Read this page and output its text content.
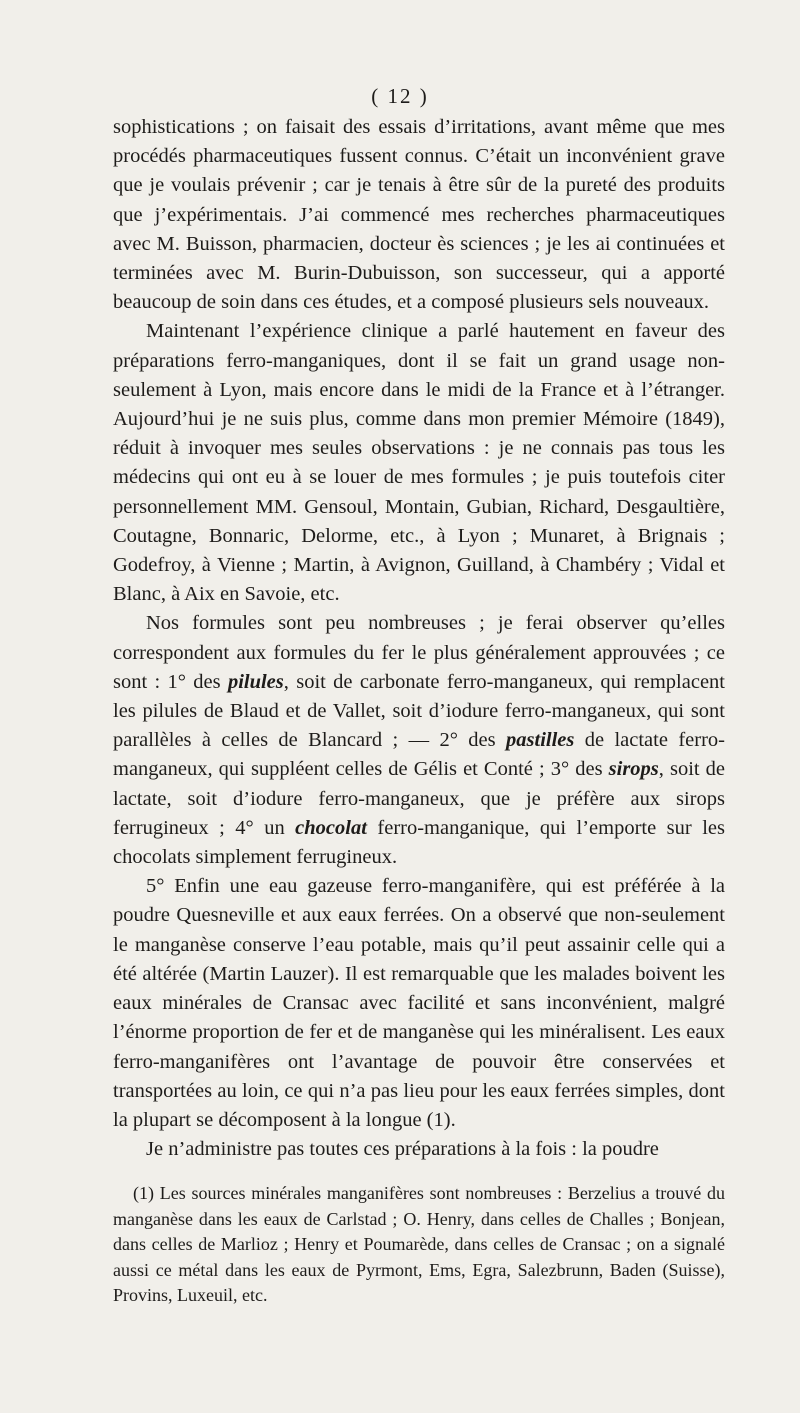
( 12 )

sophistications ; on faisait des essais d’irritations, avant même que mes procédés pharmaceutiques fussent connus. C’était un inconvénient grave que je voulais prévenir ; car je tenais à être sûr de la pureté des produits que j’expérimentais. J’ai commencé mes recherches pharmaceutiques avec M. Buisson, pharmacien, docteur ès sciences ; je les ai continuées et terminées avec M. Burin-Dubuisson, son successeur, qui a apporté beaucoup de soin dans ces études, et a composé plusieurs sels nouveaux.

Maintenant l’expérience clinique a parlé hautement en faveur des préparations ferro-manganiques, dont il se fait un grand usage non-seulement à Lyon, mais encore dans le midi de la France et à l’étranger. Aujourd’hui je ne suis plus, comme dans mon premier Mémoire (1849), réduit à invoquer mes seules observations : je ne connais pas tous les médecins qui ont eu à se louer de mes formules ; je puis toutefois citer personnellement MM. Gensoul, Montain, Gubian, Richard, Desgaultière, Coutagne, Bonnaric, Delorme, etc., à Lyon ; Munaret, à Brignais ; Godefroy, à Vienne ; Martin, à Avignon, Guilland, à Chambéry ; Vidal et Blanc, à Aix en Savoie, etc.

Nos formules sont peu nombreuses ; je ferai observer qu’elles correspondent aux formules du fer le plus généralement approuvées ; ce sont : 1° des pilules, soit de carbonate ferro-manganeux, qui remplacent les pilules de Blaud et de Vallet, soit d’iodure ferro-manganeux, qui sont parallèles à celles de Blancard ; — 2° des pastilles de lactate ferro-manganeux, qui suppléent celles de Gélis et Conté ; 3° des sirops, soit de lactate, soit d’iodure ferro-manganeux, que je préfère aux sirops ferrugineux ; 4° un chocolat ferro-manganique, qui l’emporte sur les chocolats simplement ferrugineux.

5° Enfin une eau gazeuse ferro-manganifère, qui est préférée à la poudre Quesneville et aux eaux ferrées. On a observé que non-seulement le manganèse conserve l’eau potable, mais qu’il peut assainir celle qui a été altérée (Martin Lauzer). Il est remarquable que les malades boivent les eaux minérales de Cransac avec facilité et sans inconvénient, malgré l’énorme proportion de fer et de manganèse qui les minéralisent. Les eaux ferro-manganifères ont l’avantage de pouvoir être conservées et transportées au loin, ce qui n’a pas lieu pour les eaux ferrées simples, dont la plupart se décomposent à la longue (1).

Je n’administre pas toutes ces préparations à la fois : la poudre

(1) Les sources minérales manganifères sont nombreuses : Berzelius a trouvé du manganèse dans les eaux de Carlstad ; O. Henry, dans celles de Challes ; Bonjean, dans celles de Marlioz ; Henry et Poumarède, dans celles de Cransac ; on a signalé aussi ce métal dans les eaux de Pyrmont, Ems, Egra, Salezbrunn, Baden (Suisse), Provins, Luxeuil, etc.
